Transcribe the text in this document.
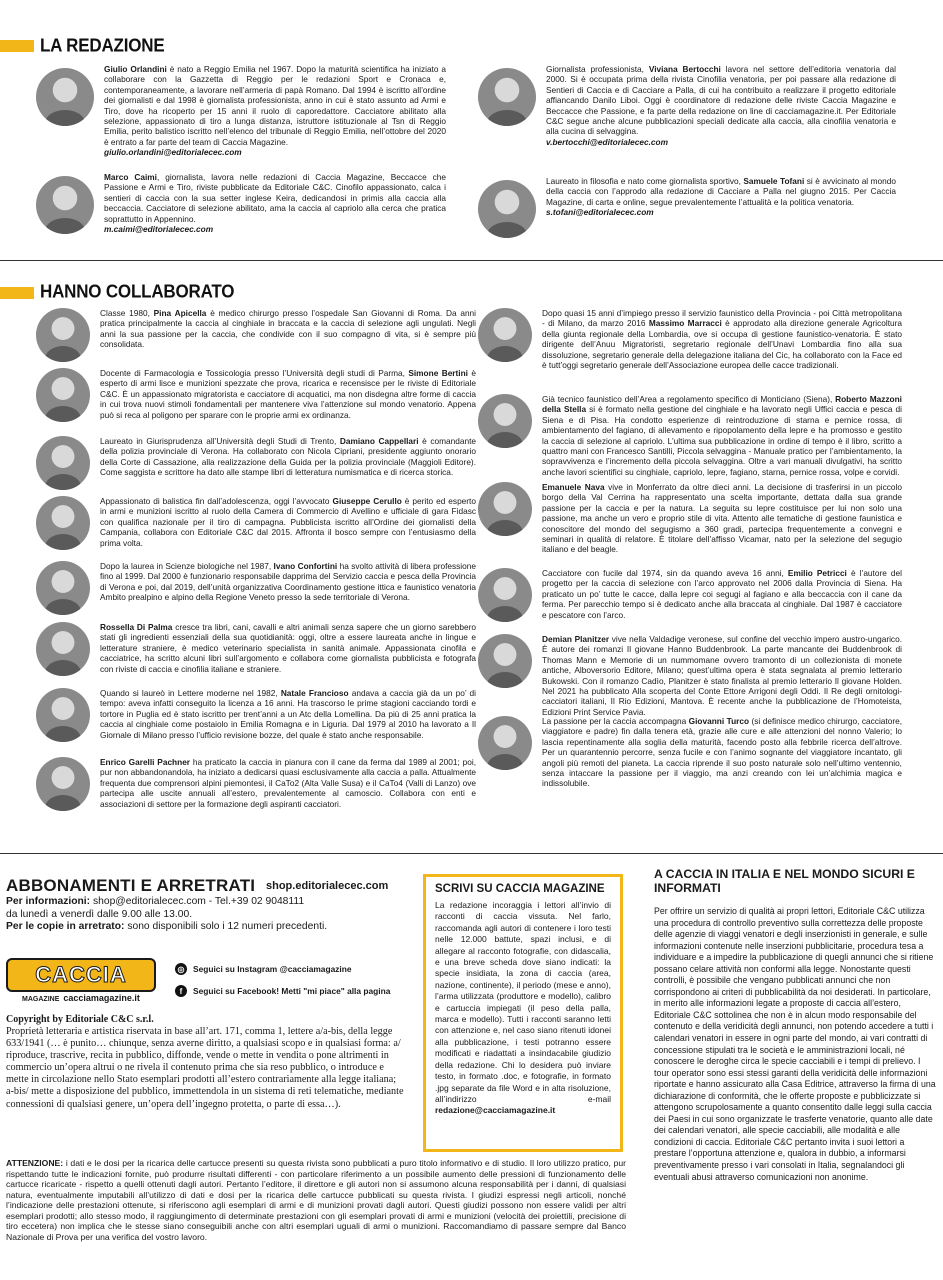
LA REDAZIONE
Giulio Orlandini è nato a Reggio Emilia nel 1967. Dopo la maturità scientifica ha iniziato a collaborare con la Gazzetta di Reggio per le redazioni Sport e Cronaca e, contemporaneamente, a lavorare nell’armeria di papà Romano. Dal 1994 è iscritto all’ordine dei giornalisti e dal 1998 è giornalista professionista, anno in cui è stato assunto ad Armi e Tiro, dove ha ricoperto per 15 anni il ruolo di caporedattore. Cacciatore abilitato alla selezione, appassionato di tiro a lunga distanza, istruttore istituzionale al Tsn di Reggio Emilia, perito balistico iscritto nell’elenco del tribunale di Reggio Emilia, nell’ottobre del 2020 è entrato a far parte del team di Caccia Magazine.
giulio.orlandini@editorialecec.com
Marco Caimi, giornalista, lavora nelle redazioni di Caccia Magazine, Beccacce che Passione e Armi e Tiro, riviste pubblicate da Editoriale C&C. Cinofilo appassionato, calca i sentieri di caccia con la sua setter inglese Keira, dedicandosi in primis alla caccia alla beccaccia. Cacciatore di selezione abilitato, ama la caccia al capriolo alla cerca che pratica soprattutto in Appennino.
m.caimi@editorialecec.com
Giornalista professionista, Viviana Bertocchi lavora nel settore dell’editoria venatoria dal 2000. Si è occupata prima della rivista Cinofilia venatoria, per poi passare alla redazione di Sentieri di Caccia e di Cacciare a Palla, di cui ha contribuito a realizzare il progetto editoriale affiancando Danilo Liboi. Oggi è coordinatore di redazione delle riviste Caccia Magazine e Beccacce che Passione, e fa parte della redazione on line di cacciamagazine.it. Per Editoriale C&C segue anche alcune pubblicazioni speciali dedicate alla caccia, alla cinofilia venatoria e alla cucina di selvaggina.
v.bertocchi@editorialecec.com
Laureato in filosofia e nato come giornalista sportivo, Samuele Tofani si è avvicinato al mondo della caccia con l’approdo alla redazione di Cacciare a Palla nel giugno 2015. Per Caccia Magazine, di carta e online, segue prevalentemente l’attualità e la politica venatoria.
s.tofani@editorialecec.com
HANNO COLLABORATO
Classe 1980, Pina Apicella è medico chirurgo presso l’ospedale San Giovanni di Roma. Da anni pratica principalmente la caccia al cinghiale in braccata e la caccia di selezione agli ungulati. Negli anni la sua passione per la caccia, che condivide con il suo compagno di vita, si è sempre più consolidata.
Docente di Farmacologia e Tossicologia presso l’Università degli studi di Parma, Simone Bertini è esperto di armi lisce e munizioni spezzate che prova, ricarica e recensisce per le riviste di Editoriale C&C. È un appassionato migratorista e cacciatore di acquatici, ma non disdegna altre forme di caccia in cui trova nuovi stimoli fondamentali per mantenere viva l’attenzione sul mondo venatorio. Appena può si reca al poligono per sparare con le proprie armi ex ordinanza.
Laureato in Giurisprudenza all’Università degli Studi di Trento, Damiano Cappellari è comandante della polizia provinciale di Verona. Ha collaborato con Nicola Cipriani, presidente aggiunto onorario della Corte di Cassazione, alla realizzazione della Guida per la polizia provinciale (Maggioli Editore). Come saggista e scrittore ha dato alle stampe libri di letteratura numismatica e di ricerca storica.
Appassionato di balistica fin dall’adolescenza, oggi l’avvocato Giuseppe Cerullo è perito ed esperto in armi e munizioni iscritto al ruolo della Camera di Commercio di Avellino e ufficiale di gara Fidasc con qualifica nazionale per il tiro di campagna. Pubblicista iscritto all’Ordine dei giornalisti della Campania, collabora con Editoriale C&C dal 2015. Affronta il bosco sempre con l’entusiasmo della prima volta.
Dopo la laurea in Scienze biologiche nel 1987, Ivano Confortini ha svolto attività di libera professione fino al 1999. Dal 2000 è funzionario responsabile dapprima del Servizio caccia e pesca della Provincia di Verona e poi, dal 2019, dell’unità organizzativa Coordinamento gestione ittica e faunistico venatoria Ambito prealpino e alpino della Regione Veneto presso la sede territoriale di Verona.
Rossella Di Palma cresce tra libri, cani, cavalli e altri animali senza sapere che un giorno sarebbero stati gli ingredienti essenziali della sua quotidianità: oggi, oltre a essere laureata anche in lingue e letterature straniere, è medico veterinario specialista in sanità animale. Appassionata cinofila e cacciatrice, ha scritto alcuni libri sull’argomento e collabora come giornalista pubblicista e fotografa con riviste di caccia e cinofilia italiane e straniere.
Quando si laureò in Lettere moderne nel 1982, Natale Francioso andava a caccia già da un po’ di tempo: aveva infatti conseguito la licenza a 16 anni. Ha trascorso le prime stagioni cacciando tordi e tortore in Puglia ed è stato iscritto per trent’anni a un Atc della Lomellina. Da più di 25 anni pratica la caccia al cinghiale come postaiolo in Emilia Romagna e in Liguria. Dal 1979 al 2010 ha lavorato a Il Giornale di Milano presso l’ufficio revisione bozze, del quale è stato anche responsabile.
Enrico Garelli Pachner ha praticato la caccia in pianura con il cane da ferma dal 1989 al 2001; poi, pur non abbandonandola, ha iniziato a dedicarsi quasi esclusivamente alla caccia a palla. Attualmente frequenta due comprensori alpini piemontesi, il CaTo2 (Alta Valle Susa) e il CaTo4 (Valli di Lanzo) ove partecipa alle uscite annuali all’estero, prevalentemente al camoscio. Collabora con enti e associazioni di settore per la formazione degli aspiranti cacciatori.
Dopo quasi 15 anni d’impiego presso il servizio faunistico della Provincia - poi Città metropolitana - di Milano, da marzo 2016 Massimo Marracci è approdato alla direzione generale Agricoltura della giunta regionale della Lombardia, ove si occupa di gestione faunistico-venatoria. È stato dirigente dell’Anuu Migratoristi, segretario regionale dell’Unavi Lombardia fino alla sua dissoluzione, segretario generale della delegazione italiana del Cic, ha collaborato con la Face ed è tutt’oggi segretario generale dell’Associazione europea delle cacce tradizionali.
Già tecnico faunistico dell’Area a regolamento specifico di Monticiano (Siena), Roberto Mazzoni della Stella si è formato nella gestione del cinghiale e ha lavorato negli Uffici caccia e pesca di Siena e di Pisa. Ha condotto esperienze di reintroduzione di starna e pernice rossa, di ambientamento del fagiano, di allevamento e ripopolamento della lepre e ha promosso e gestito la caccia di selezione al capriolo. L’ultima sua pubblicazione in ordine di tempo è il libro, scritto a quattro mani con Francesco Santilli, Piccola selvaggina - Manuale pratico per l’ambientamento, la sopravvivenza e l’incremento della piccola selvaggina. Oltre a vari manuali divulgativi, ha scritto anche lavori scientifici su cinghiale, capriolo, lepre, fagiano, starna, pernice rossa, volpe e corvidi.
Emanuele Nava vive in Monferrato da oltre dieci anni. La decisione di trasferirsi in un piccolo borgo della Val Cerrina ha rappresentato una scelta importante, dettata dalla sua grande passione per la caccia e per la natura. La seguita su lepre costituisce per lui non solo una passione, ma anche un vero e proprio stile di vita. Attento alle tematiche di gestione faunistica e conoscitore del mondo del segugismo a 360 gradi, partecipa frequentemente a convegni e seminari in qualità di relatore. È titolare dell’affisso Vicamar, nato per la selezione del segugio italiano e del beagle.
Cacciatore con fucile dal 1974, sin da quando aveva 16 anni, Emilio Petricci è l’autore del progetto per la caccia di selezione con l’arco approvato nel 2006 dalla Provincia di Siena. Ha praticato un po’ tutte le cacce, dalla lepre coi segugi al fagiano e alla beccaccia con il cane da ferma. Per parecchio tempo si è dedicato anche alla braccata al cinghiale. Dal 1987 è cacciatore e pescatore con l’arco.
Demian Planitzer vive nella Valdadige veronese, sul confine del vecchio impero austro-ungarico. È autore dei romanzi Il giovane Hanno Buddenbrook. La parte mancante dei Buddenbrook di Thomas Mann e Memorie di un nummomane ovvero tramonto di un collezionista di monete antiche, Alboversorio Editore, Milano; quest’ultima opera è stata segnalata al premio letterario Bukowski. Con il romanzo Cadìo, Planitzer è stato finalista al premio letterario Il giovane Holden. Nel 2021 ha pubblicato Alla scoperta del Conte Ettore Arrigoni degli Oddi. Il Re degli ornitologi-cacciatori italiani, Il Rio Edizioni, Mantova. È recente anche la pubblicazione de l’Homoteista, Edizioni Print Service Pavia.
La passione per la caccia accompagna Giovanni Turco (si definisce medico chirurgo, cacciatore, viaggiatore e padre) fin dalla tenera età, grazie alle cure e alle attenzioni del nonno Valerio; lo lascia repentinamente alla soglia della maturità, facendo posto alla febbrile ricerca dell’altrove. Per un quarantennio percorre, senza fucile e con l’animo sognante del viaggiatore incantato, gli angoli più remoti del pianeta. La caccia riprende il suo posto naturale solo nell’ultimo ventennio, senza intaccare la passione per il viaggio, ma anzi creando con lei un’alchimia magica e indissolubile.
ABBONAMENTI E ARRETRATI shop.editorialecec.com
Per informazioni: shop@editorialecec.com - Tel.+39 02 9048111
da lunedì a venerdì dalle 9.00 alle 13.00.
Per le copie in arretrato: sono disponibili solo i 12 numeri precedenti.
CACCIA
MAGAZINE cacciamagazine.it
◎ Seguici su Instagram @cacciamagazine
f	Seguici su Facebook! Metti "mi piace" alla pagina
Copyright by Editoriale C&C s.r.l.
Proprietà letteraria e artistica riservata in base all’art. 171, comma 1, lettere a/a-bis, della legge 633/1941 (… è punito… chiunque, senza averne diritto, a qualsiasi scopo e in qualsiasi forma: a/ riproduce, trascrive, recita in pubblico, diffonde, vende o mette in vendita o pone altrimenti in commercio un’opera altrui o ne rivela il contenuto prima che sia reso pubblico, o introduce e mette in circolazione nello Stato esemplari prodotti all’estero contrariamente alla legge italiana; a-bis/ mette a disposizione del pubblico, immettendola in un sistema di reti telematiche, mediante connessioni di qualsiasi genere, un’opera dell’ingegno protetta, o parte di essa…).
ATTENZIONE: i dati e le dosi per la ricarica delle cartucce presenti su questa rivista sono pubblicati a puro titolo informativo e di studio. Il loro utilizzo pratico, pur rispettando tutte le indicazioni fornite, può produrre risultati differenti - con particolare riferimento a un possibile aumento delle pressioni di funzionamento delle cartucce ricaricate - rispetto a quelli ottenuti dagli autori. Pertanto l’editore, il direttore e gli autori non si assumono alcuna responsabilità per i danni, di qualsiasi natura, eventualmente imputabili all’utilizzo di dati e dosi per la ricarica delle cartucce pubblicati su questa rivista. I giudizi espressi negli articoli, nonché l’indicazione delle prestazioni ottenute, si riferiscono agli esemplari di armi e di munizioni provati dagli autori. Questi giudizi possono non essere validi per altri esemplari prodotti; allo stesso modo, il raggiungimento di determinate prestazioni con gli esemplari provati di armi e munizioni (velocità dei proiettili, precisione di tiro eccetera) non implica che le stesse siano conseguibili anche con altri esemplari uguali di armi o munizioni. Raccomandiamo di passare sempre dal Banco Nazionale di Prova per una verifica del vostro lavoro.
SCRIVI SU CACCIA MAGAZINE
La redazione incoraggia i lettori all’invio di racconti di caccia vissuta. Nel farlo, raccomanda agli autori di contenere i loro testi nelle 12.000 battute, spazi inclusi, e di allegare al racconto fotografie, con didascalia, e una breve scheda dove siano indicati: la specie insidiata, la zona di caccia (area, nazione, continente), il periodo (mese e anno), l’arma utilizzata (produttore e modello), calibro e cartuccia impiegati (il peso della palla, marca e modello). Tutti i racconti saranno letti con attenzione e, nel caso siano ritenuti idonei alla pubblicazione, i testi potranno essere modificati e riadattati a insindacabile giudizio della redazione. Chi lo desidera può inviare testo, in formato .doc, e fotografie, in formato .jpg separate da file Word e in alta risoluzione, all’indirizzo e-mail redazione@cacciamagazine.it
A CACCIA IN ITALIA E NEL MONDO SICURI E INFORMATI
Per offrire un servizio di qualità ai propri lettori, Editoriale C&C utilizza una procedura di controllo preventivo sulla correttezza delle proposte delle agenzie di viaggi venatori e degli inserzionisti in generale, e sulle informazioni contenute nelle inserzioni pubblicitarie, procedura tesa a individuare e a impedire la pubblicazione di quegli annunci che si ritiene possano celare attività non conformi alla legge. Nonostante questi controlli, è possibile che vengano pubblicati annunci che non corrispondono ai criteri di pubblicabilità da noi desiderati. In particolare, in merito alle informazioni legate a proposte di caccia all’estero, Editoriale C&C sottolinea che non è in alcun modo responsabile del contenuto e della veridicità degli annunci, non potendo accedere a tutti i calendari venatori in essere in ogni parte del mondo, ai vari contratti di concessione stipulati tra le società e le amministrazioni locali, né conoscere le deroghe circa le specie cacciabili e i tempi di prelievo. I tour operator sono essi stessi garanti della veridicità delle informazioni riportate e hanno assicurato alla Casa Editrice, attraverso la firma di una dichiarazione di conformità, che le offerte proposte e pubblicizzate si attengono scrupolosamente a quanto consentito dalle leggi sulla caccia dei Paesi in cui sono organizzate le trasferte venatorie, quanto alle date dei calendari venatori, alle specie cacciabili, alle modalità e alle condizioni di caccia. Editoriale C&C pertanto invita i suoi lettori a prestare l’opportuna attenzione e, qualora in dubbio, a informarsi preventivamente presso i vari consolati in Italia, segnalandoci gli eventuali abusi attraverso comunicazioni non anonime.
